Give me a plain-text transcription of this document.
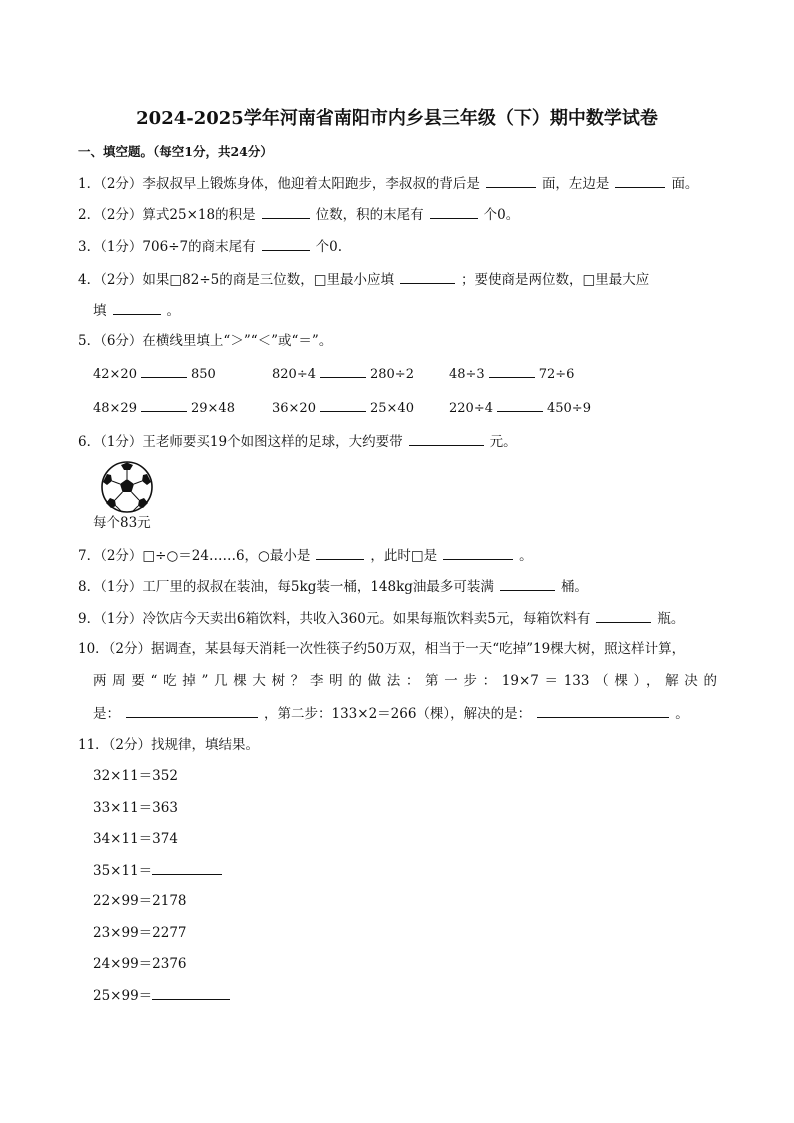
2024-2025学年河南省南阳市内乡县三年级（下）期中数学试卷
一、填空题。（每空1分，共24分）
1．（2分）李叔叔早上锻炼身体，他迎着太阳跑步，李叔叔的背后是	面，左边是	面。
2．（2分）算式25×18的积是	位数，积的末尾有	个0。
3．（1分）706÷7的商末尾有	个0.
4．（2分）如果□82÷5的商是三位数，□里最小应填	；要使商是两位数，□里最大应
填	。
5．（6分）在横线里填上“＞”“＜”或“＝”。
42×20	850	820÷4	280÷2	48÷3	72÷6
48×29	29×48	36×20	25×40	220÷4	450÷9
6．（1分）王老师要买19个如图这样的足球，大约要带	元。
每个83元
7．（2分）□÷○＝24……6，○最小是	，此时□是	。
8．（1分）工厂里的叔叔在装油，每5kg装一桶，148kg油最多可装满	桶。
9．（1分）冷饮店今天卖出6箱饮料，共收入360元。如果每瓶饮料卖5元，每箱饮料有	瓶。
10．（2分）据调查，某县每天消耗一次性筷子约50万双，相当于一天“吃掉”19棵大树，照这样计算，
两周要“吃掉”几棵大树？李明的做法：第一步：19×7＝133（棵），解决的
是：	，第二步：133×2＝266（棵），解决的是：	。
11．（2分）找规律，填结果。
32×11＝352
33×11＝363
34×11＝374
35×11＝
22×99＝2178
23×99＝2277
24×99＝2376
25×99＝
